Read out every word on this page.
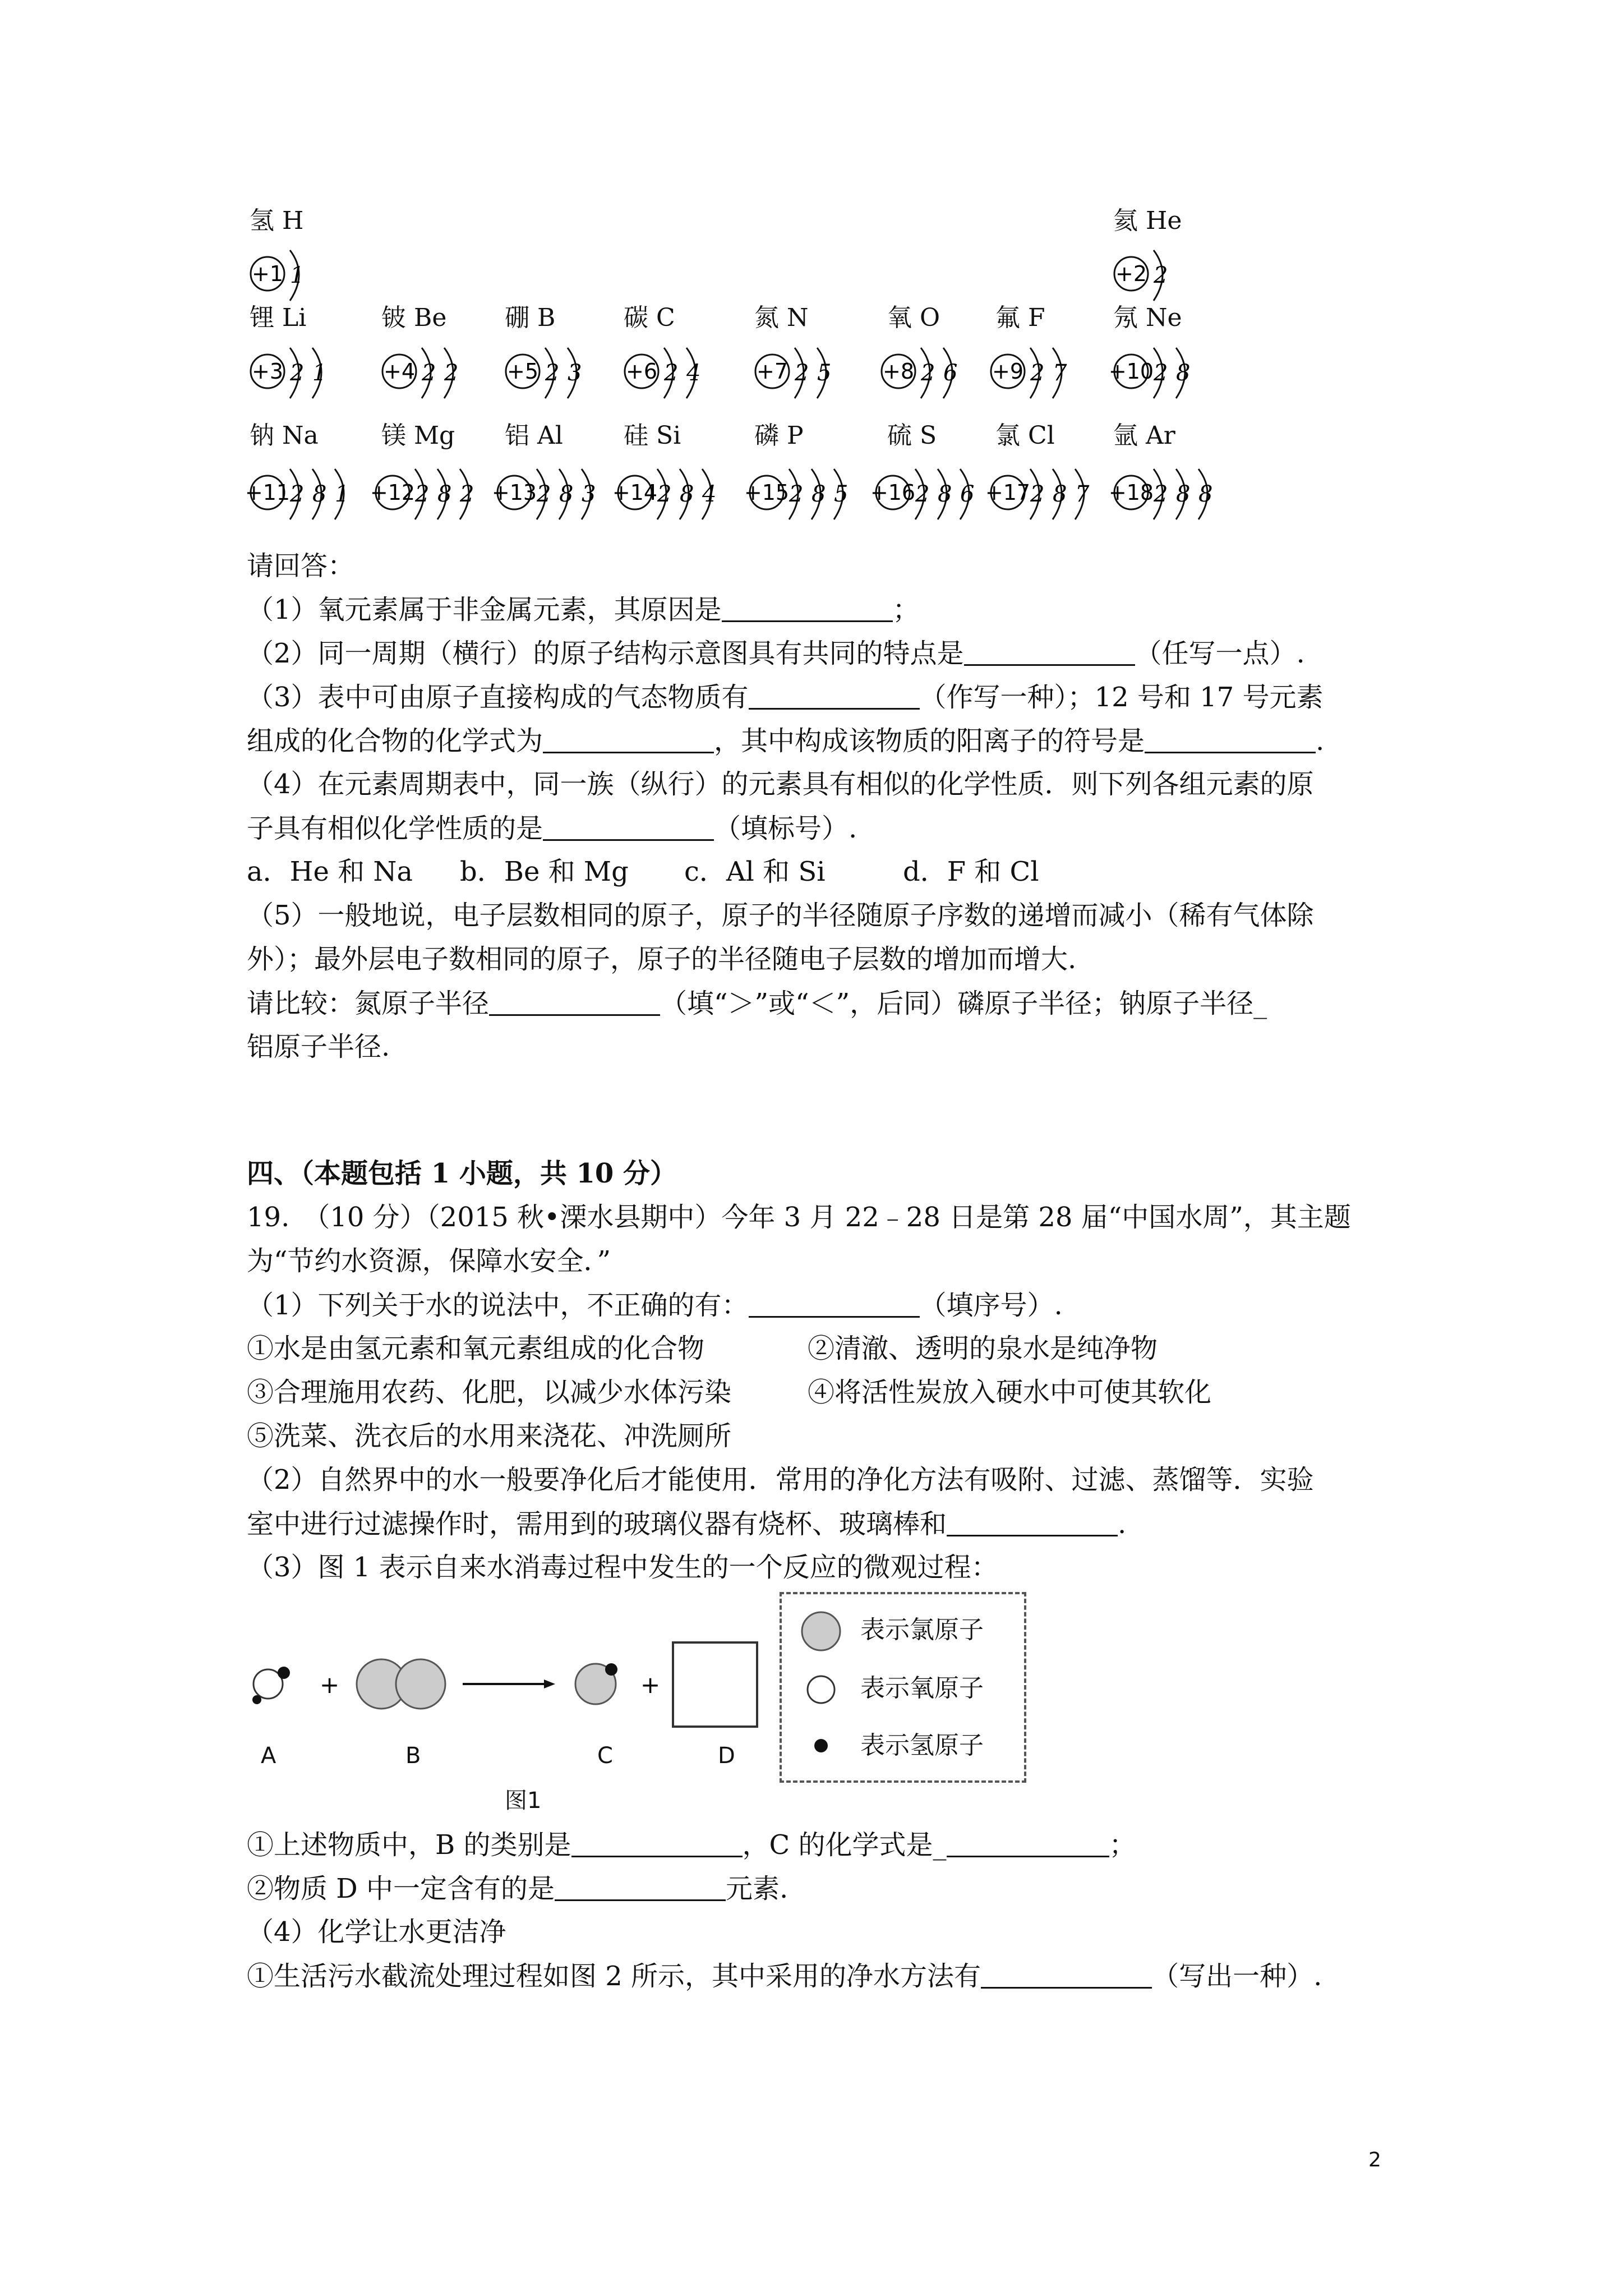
氢 H
+1 1
氦 He
+2 2
锂 Li	铍 Be 硼 B	碳 C	氮 N	氧 O 氟 F	氖 Ne
+3 2 1	+4 2 2 +5 2 3 +6 2 4	+7 2 5 +8 2 6 +9 2 7 +10 2 8
钠 Na	镁 Mg 铝 Al 硅 Si	磷 P	硫 S 氯 Cl 氩 Ar
+11 2 8 1 +12 2 8 2 +13 2 8 3 +14 2 8 4 +15 2 8 5 +16 2 8 6 +17 2 8 7 +18 2 8 8
请回答：
（1）氧元素属于非金属元素，其原因是	；
（2）同一周期（横行）的原子结构示意图具有共同的特点是	（任写一点）.
（3）表中可由原子直接构成的气态物质有	（作写一种）；12 号和 17 号元素
组成的化合物的化学式为	，其中构成该物质的阳离子的符号是	.
（4）在元素周期表中，同一族（纵行）的元素具有相似的化学性质．则下列各组元素的原
子具有相似化学性质的是	（填标号）.
a．He 和 Na b．Be 和 Mg c．Al 和 Si	d．F 和 Cl
（5）一般地说，电子层数相同的原子，原子的半径随原子序数的递增而减小（稀有气体除
外）；最外层电子数相同的原子，原子的半径随电子层数的增加而增大.
请比较：氮原子半径	（填“＞”或“＜”，后同）磷原子半径；钠原子半径_
铝原子半径.
四、（本题包括 1 小题，共 10 分）
19.　（10 分）（2015 秋•溧水县期中）今年 3 月 22﹣28 日是第 28 届“中国水周”，其主题
为“节约水资源，保障水安全．”
（1）下列关于水的说法中，不正确的有：	（填序号）.
①水是由氢元素和氧元素组成的化合物	②清澈、透明的泉水是纯净物
③合理施用农药、化肥，以减少水体污染	④将活性炭放入硬水中可使其软化
⑤洗菜、洗衣后的水用来浇花、冲洗厕所
（2）自然界中的水一般要净化后才能使用．常用的净化方法有吸附、过滤、蒸馏等．实验
室中进行过滤操作时，需用到的玻璃仪器有烧杯、玻璃棒和	.
（3）图 1 表示自来水消毒过程中发生的一个反应的微观过程：
+	+
A	B	C	D
图1
表示氯原子
表示氧原子
表示氢原子
①上述物质中，B 的类别是	，C 的化学式是_	；
②物质 D 中一定含有的是	元素.
（4）化学让水更洁净
①生活污水截流处理过程如图 2 所示，其中采用的净水方法有	（写出一种）.
2
